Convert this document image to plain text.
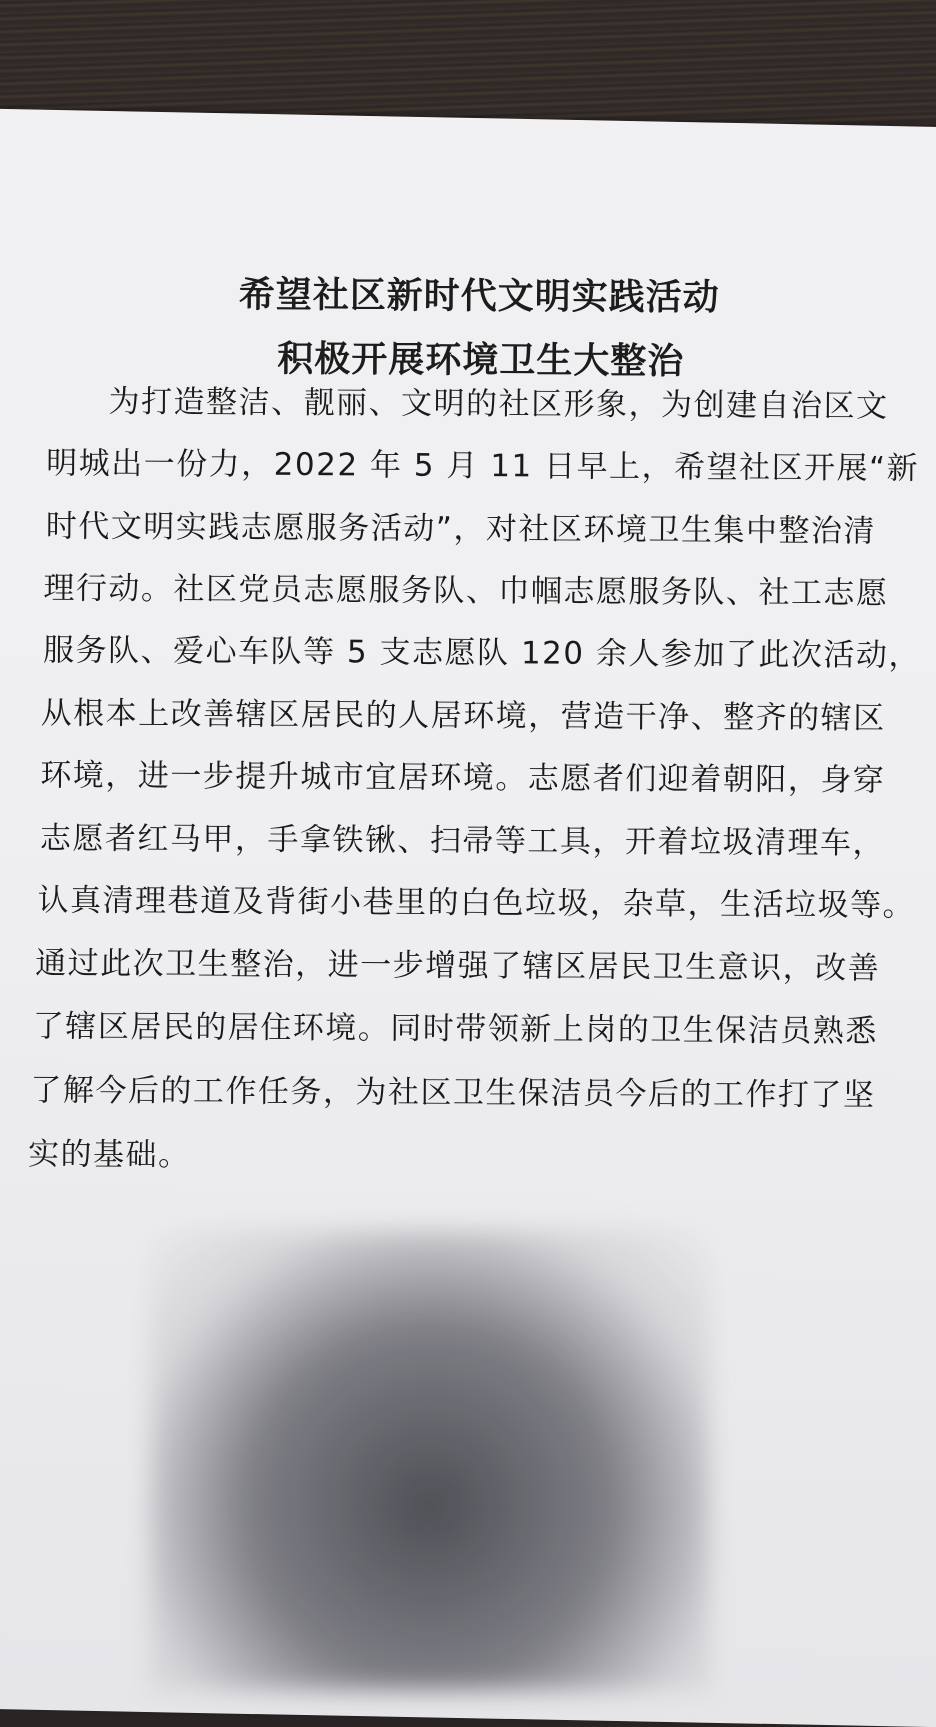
希望社区新时代文明实践活动
积极开展环境卫生大整治
为打造整洁、靓丽、文明的社区形象，为创建自治区文
明城出一份力，2022 年 5 月 11 日早上，希望社区开展“新
时代文明实践志愿服务活动”，对社区环境卫生集中整治清
理行动。社区党员志愿服务队、巾帼志愿服务队、社工志愿
服务队、爱心车队等 5 支志愿队 120 余人参加了此次活动，
从根本上改善辖区居民的人居环境，营造干净、整齐的辖区
环境，进一步提升城市宜居环境。志愿者们迎着朝阳，身穿
志愿者红马甲，手拿铁锹、扫帚等工具，开着垃圾清理车，
认真清理巷道及背街小巷里的白色垃圾，杂草，生活垃圾等。
通过此次卫生整治，进一步增强了辖区居民卫生意识，改善
了辖区居民的居住环境。同时带领新上岗的卫生保洁员熟悉
了解今后的工作任务，为社区卫生保洁员今后的工作打了坚
实的基础。
